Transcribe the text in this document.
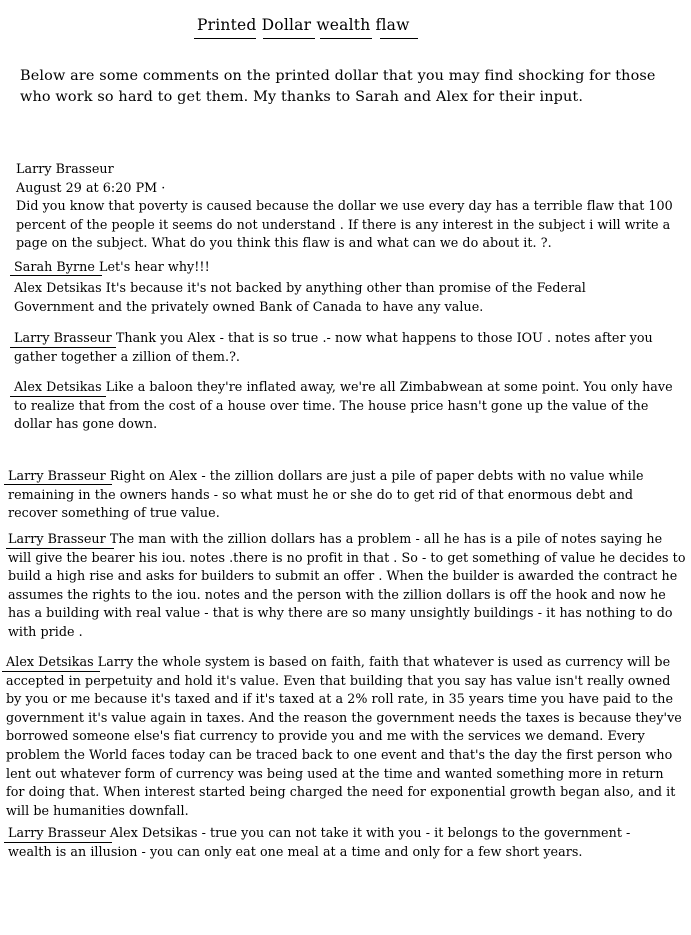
Printed Dollar wealth flaw
Below are some comments on the printed dollar that you may find shocking for those who work so hard to get them. My thanks to Sarah and Alex for their input.
Larry Brasseur
August 29 at 6:20 PM ·
Did you know that poverty is caused because the dollar we use every day has a terrible flaw that 100 percent of the people it seems do not understand . If there is any interest in the subject i will write a page on the subject. What do you think this flaw is and what can we do about it. ?.
Sarah Byrne Let's hear why!!!
Alex Detsikas It's because it's not backed by anything other than promise of the Federal Government and the privately owned Bank of Canada to have any value.
Larry Brasseur Thank you Alex - that is so true .- now what happens to those IOU . notes after you gather together a zillion of them.?.
Alex Detsikas Like a baloon they're inflated away, we're all Zimbabwean at some point. You only have to realize that from the cost of a house over time. The house price hasn't gone up the value of the dollar has gone down.
Larry Brasseur Right on Alex - the zillion dollars are just a pile of paper debts with no value while remaining in the owners hands - so what must he or she do to get rid of that enormous debt and recover something of true value.
Larry Brasseur The man with the zillion dollars has a problem - all he has is a pile of notes saying he will give the bearer his iou. notes .there is no profit in that . So - to get something of value he decides to build a high rise and asks for builders to submit an offer . When the builder is awarded the contract he assumes the rights to the iou. notes and the person with the zillion dollars is off the hook and now he has a building with real value - that is why there are so many unsightly buildings - it has nothing to do with pride .
Alex Detsikas Larry the whole system is based on faith, faith that whatever is used as currency will be accepted in perpetuity and hold it's value. Even that building that you say has value isn't really owned by you or me because it's taxed and if it's taxed at a 2% roll rate, in 35 years time you have paid to the government it's value again in taxes. And the reason the government needs the taxes is because they've borrowed someone else's fiat currency to provide you and me with the services we demand. Every problem the World faces today can be traced back to one event and that's the day the first person who lent out whatever form of currency was being used at the time and wanted something more in return for doing that. When interest started being charged the need for exponential growth began also, and it will be humanities downfall.
Larry Brasseur Alex Detsikas - true you can not take it with you - it belongs to the government - wealth is an illusion - you can only eat one meal at a time and only for a few short years.
